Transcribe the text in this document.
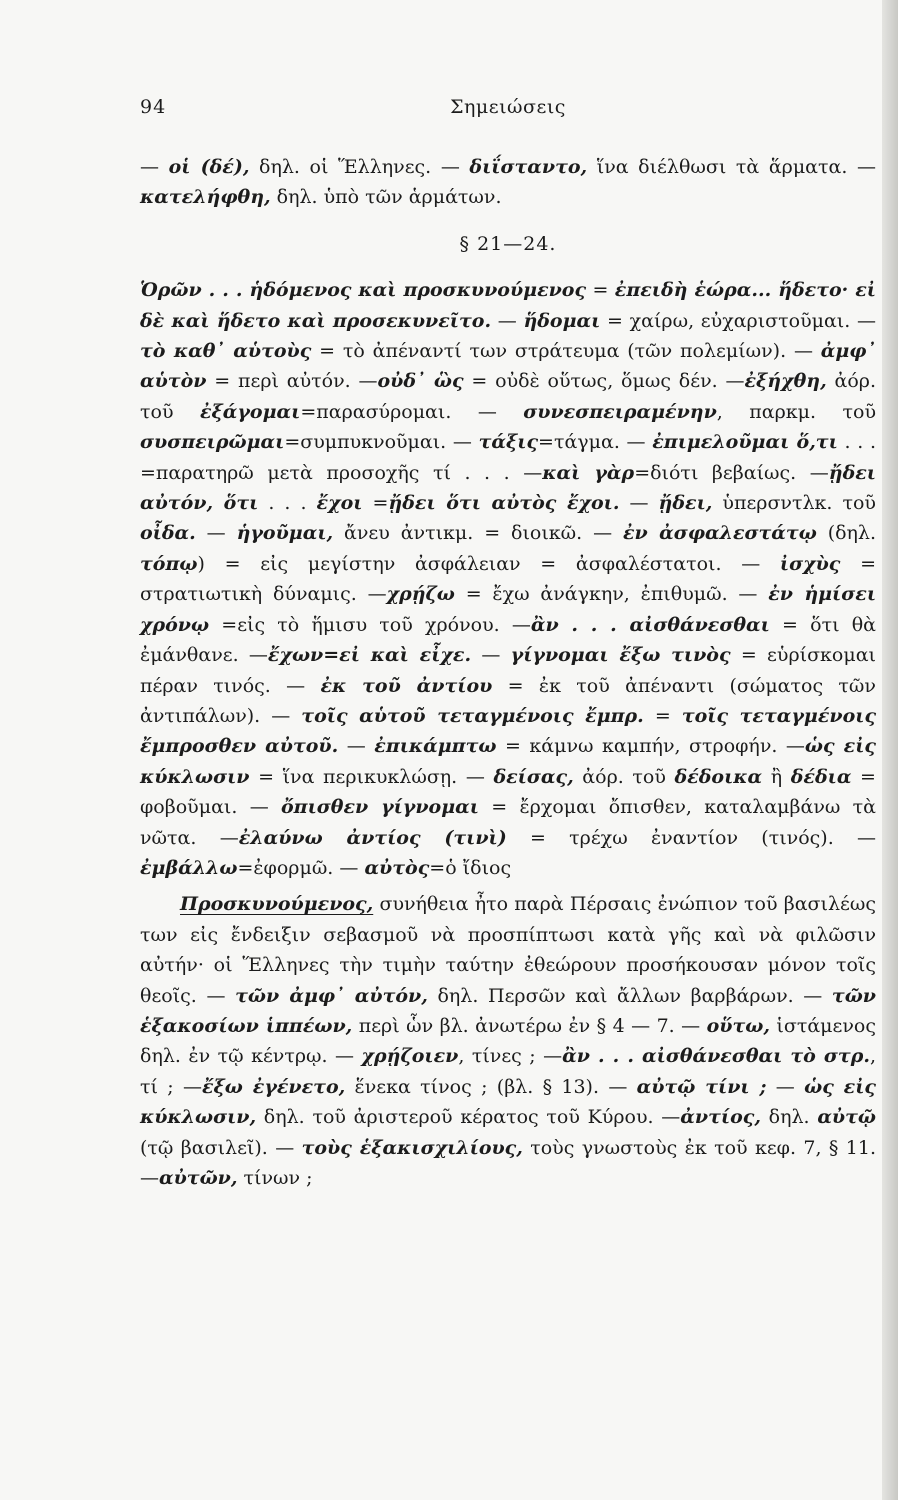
94	Σημειώσεις

— οἱ (δέ), δηλ. οἱ Ἕλληνες. — διΐσταντο, ἵνα διέλθωσι τὰ ἅρματα. —κατελήφθη, δηλ. ὑπὸ τῶν ἁρμάτων.

§ 21—24.

Ὁρῶν . . . ἡδόμενος καὶ προσκυνούμενος = ἐπειδὴ ἑώρα... ἥδετο· εἰ δὲ καὶ ἥδετο καὶ προσεκυνεῖτο. — ἥδομαι = χαίρω, εὐχαριστοῦμαι. — τὸ καθ᾽ αὑτοὺς = τὸ ἀπέναντί των στράτευμα (τῶν πολεμίων). — ἀμφ᾽ αὑτὸν = περὶ αὐτόν. —οὐδ᾽ ὣς = οὐδὲ οὕτως, ὅμως δέν. —ἐξήχθη, ἀόρ. τοῦ ἐξάγομαι=παρασύρομαι. — συνεσπειραμένην, παρκμ. τοῦ συσπειρῶμαι=συμπυκνοῦμαι. — τάξις=τάγμα. — ἐπιμελοῦμαι ὅ,τι . . . =παρατηρῶ μετὰ προσοχῆς τί . . . —καὶ γὰρ=διότι βεβαίως. —ᾔδει αὐτόν, ὅτι . . . ἔχοι =ᾔδει ὅτι αὐτὸς ἔχοι. — ᾔδει, ὑπερσντλκ. τοῦ οἶδα. — ἡγοῦμαι, ἄνευ ἀντικμ. = διοικῶ. — ἐν ἀσφαλεστάτῳ (δηλ. τόπῳ) = εἰς μεγίστην ἀσφάλειαν = ἀσφαλέστατοι. — ἰσχὺς = στρατιωτικὴ δύναμις. —χρῄζω = ἔχω ἀνάγκην, ἐπιθυμῶ. — ἐν ἡμίσει χρόνῳ =εἰς τὸ ἥμισυ τοῦ χρόνου. —ἂν . . . αἰσθάνεσθαι = ὅτι θὰ ἐμάνθανε. —ἔχων=εἰ καὶ εἶχε. — γίγνομαι ἔξω τινὸς = εὑρίσκομαι πέραν τινός. — ἐκ τοῦ ἀντίου = ἐκ τοῦ ἀπέναντι (σώματος τῶν ἀντιπάλων). — τοῖς αὑτοῦ τεταγμένοις ἔμπρ. = τοῖς τεταγμένοις ἔμπροσθεν αὐτοῦ. — ἐπικάμπτω = κάμνω καμπήν, στροφήν. —ὡς εἰς κύκλωσιν = ἵνα περικυκλώσῃ. — δείσας, ἀόρ. τοῦ δέδοικα ἢ δέδια = φοβοῦμαι. — ὄπισθεν γίγνομαι = ἔρχομαι ὄπισθεν, καταλαμβάνω τὰ νῶτα. —ἐλαύνω ἀντίος (τινὶ) = τρέχω ἐναντίον (τινός). —ἐμβάλλω=ἐφορμῶ. — αὐτὸς=ὁ ἴδιος

Προσκυνούμενος, συνήθεια ἦτο παρὰ Πέρσαις ἐνώπιον τοῦ βασιλέως των εἰς ἔνδειξιν σεβασμοῦ νὰ προσπίπτωσι κατὰ γῆς καὶ νὰ φιλῶσιν αὐτήν· οἱ Ἕλληνες τὴν τιμὴν ταύτην ἐθεώρουν προσήκουσαν μόνον τοῖς θεοῖς. — τῶν ἀμφ᾽ αὐτόν, δηλ. Περσῶν καὶ ἄλλων βαρβάρων. — τῶν ἑξακοσίων ἱππέων, περὶ ὧν βλ. ἀνωτέρω ἐν § 4 — 7. — οὕτω, ἱστάμενος δηλ. ἐν τῷ κέντρῳ. — χρῄζοιεν, τίνες ; —ἂν . . . αἰσθάνεσθαι τὸ στρ., τί ; —ἔξω ἐγένετο, ἕνεκα τίνος ; (βλ. § 13). — αὐτῷ τίνι ; — ὡς εἰς κύκλωσιν, δηλ. τοῦ ἀριστεροῦ κέρατος τοῦ Κύρου. —ἀντίος, δηλ. αὐτῷ (τῷ βασιλεῖ). — τοὺς ἑξακισχιλίους, τοὺς γνωστοὺς ἐκ τοῦ κεφ. 7, § 11. —αὐτῶν, τίνων ;
